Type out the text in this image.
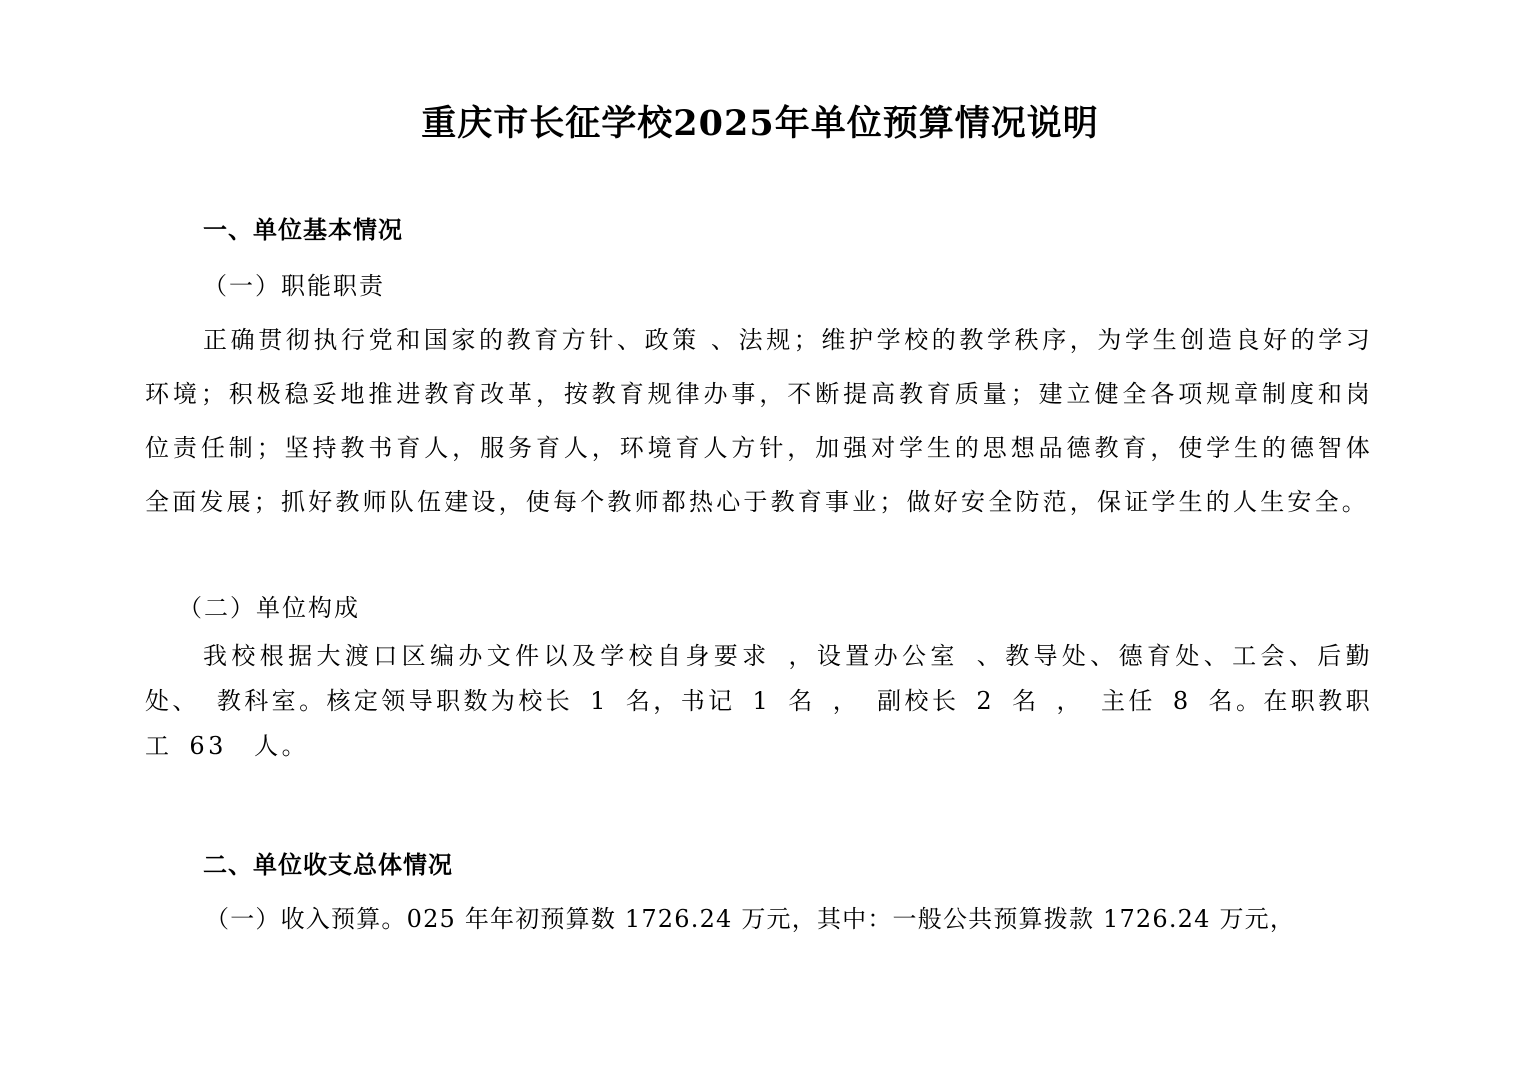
重庆市长征学校2025年单位预算情况说明
一、单位基本情况
（一）职能职责

正确贯彻执行党和国家的教育方针、政策 、法规；维护学校的教学秩序，为学生创造良好的学习　环境；积极稳妥地推进教育改革，按教育规律办事，不断提高教育质量；建立健全各项规章制度和岗　位责任制；坚持教书育人，服务育人，环境育人方针，加强对学生的思想品德教育，使学生的德智体　全面发展；抓好教师队伍建设，使每个教师都热心于教育事业；做好安全防范，保证学生的人生安全。

（二）单位构成

我校根据大渡口区编办文件以及学校自身要求 ，设置办公室 、教导处、德育处、工会、后勤处、 教科室。核定领导职数为校长 1 名，书记 1 名 ， 副校长 2 名 ， 主任 8 名。在职教职工 63　人。

二、单位收支总体情况

（一）收入预算。025 年年初预算数 1726.24 万元，其中：一般公共预算拨款 1726.24 万元，
